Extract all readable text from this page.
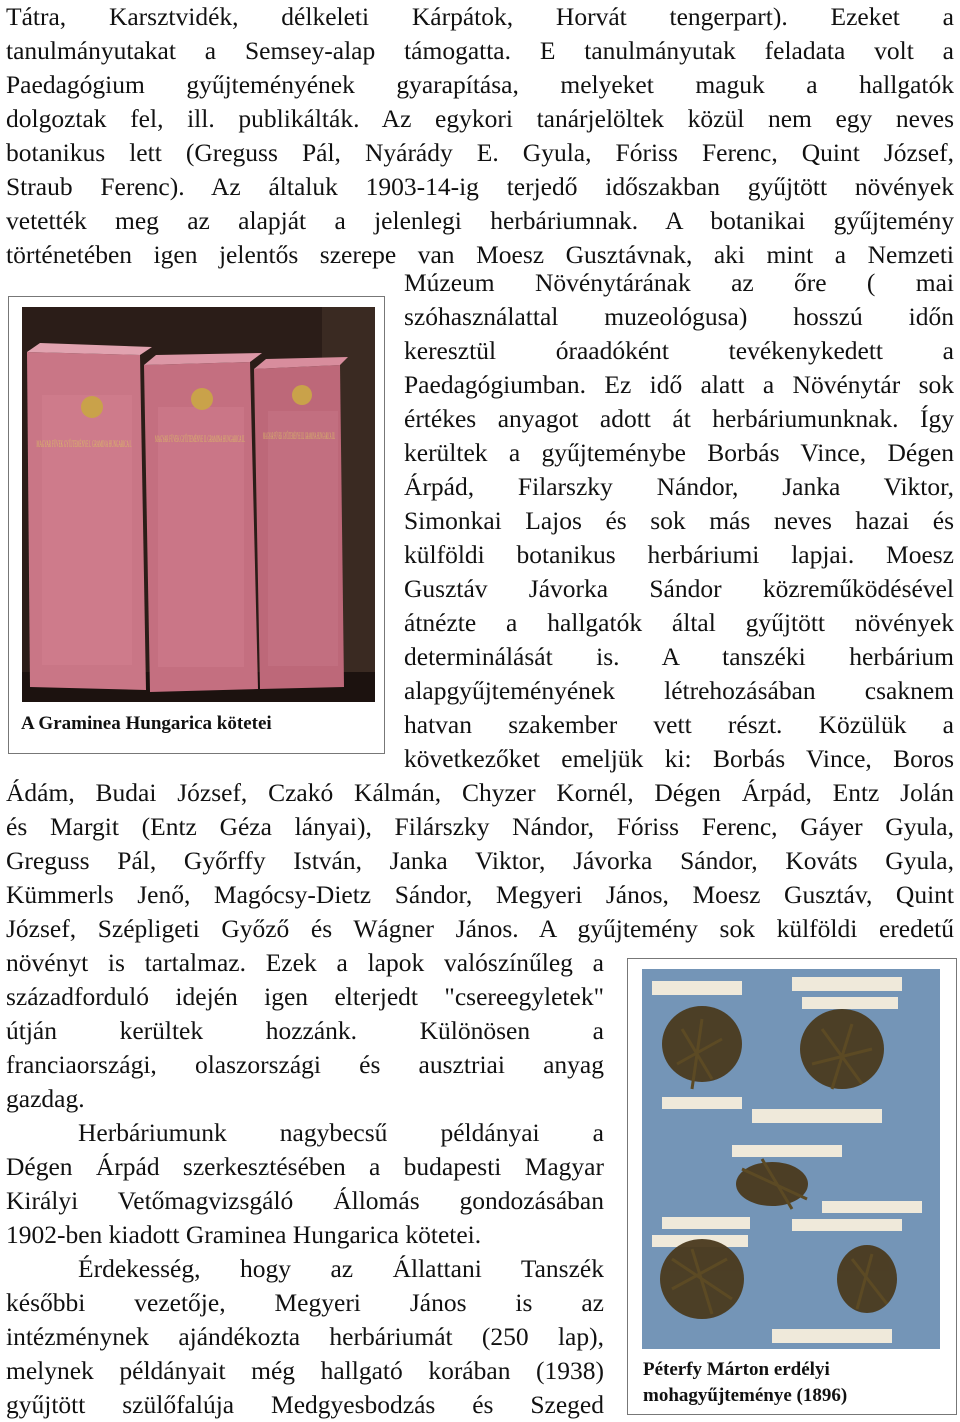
Tátra, Karsztvidék, délkeleti Kárpátok, Horvát tengerpart). Ezeket a
tanulmányutakat a Semsey-alap támogatta. E tanulmányutak feladata volt a
Paedagógium gyűjteményének gyarapítása, melyeket maguk a hallgatók
dolgoztak fel, ill. publikálták. Az egykori tanárjelöltek közül nem egy neves
botanikus lett (Greguss Pál, Nyárády E. Gyula, Fóriss Ferenc, Quint József,
Straub Ferenc). Az általuk 1903-14-ig terjedő időszakban gyűjtött növények
vetették meg az alapját a jelenlegi herbáriumnak. A botanikai gyűjtemény
történetében igen jelentős szerepe van Moesz Gusztávnak, aki mint a Nemzeti
Múzeum Növénytárának az őre ( mai
szóhasználattal muzeológusa) hosszú időn
keresztül óraadóként tevékenykedett a
Paedagógiumban. Ez idő alatt a Növénytár sok
értékes anyagot adott át herbáriumunknak. Így
kerültek a gyűjteménybe Borbás Vince, Dégen
Árpád, Filarszky Nándor, Janka Viktor,
Simonkai Lajos és sok más neves hazai és
külföldi botanikus herbáriumi lapjai. Moesz
Gusztáv Jávorka Sándor közreműködésével
átnézte a hallgatók által gyűjtött növények
determinálását is. A tanszéki herbárium
alapgyűjteményének létrehozásában csaknem
hatvan szakember vett részt. Közülük a
következőket emeljük ki: Borbás Vince, Boros
Ádám, Budai József, Czakó Kálmán, Chyzer Kornél, Dégen Árpád, Entz Jolán
és Margit (Entz Géza lányai), Filárszky Nándor, Fóriss Ferenc, Gáyer Gyula,
Greguss Pál, Győrffy István, Janka Viktor, Jávorka Sándor, Kováts Gyula,
Kümmerls Jenő, Magócsy-Dietz Sándor, Megyeri János, Moesz Gusztáv, Quint
József, Szépligeti Győző és Wágner János. A gyűjtemény sok külföldi eredetű
növényt is tartalmaz. Ezek a lapok valószínűleg a
századforduló idején igen elterjedt "csereegyletek"
útján kerültek hozzánk. Különösen a
franciaországi, olaszországi és ausztriai anyag
gazdag.
Herbáriumunk nagybecsű példányai a
Dégen Árpád szerkesztésében a budapesti Magyar
Királyi Vetőmagvizsgáló Állomás gondozásában
1902-ben kiadott Graminea Hungarica kötetei.
Érdekesség, hogy az Állattani Tanszék
későbbi vezetője, Megyeri János is az
intézménynek ajándékozta herbáriumát (250 lap),
melynek példányait még hallgató korában (1938)
gyűjtött szülőfalúja Medgyesbodzás és Szeged
MAGYAR FÜVEK GYŰJTEMÉNYE I. GRAMINA HUNGARICA I.	MAGYAR FÜVEK GYŰJTEMÉNYE II. GRAMINA HUNGARICA II. MAGYAR FÜVEK GYŰJTEMÉNYE III. GRAMINA HUNGARICA III.
A Graminea Hungarica kötetei
Péterfy Márton erdélyi
mohagyűjteménye (1896)
